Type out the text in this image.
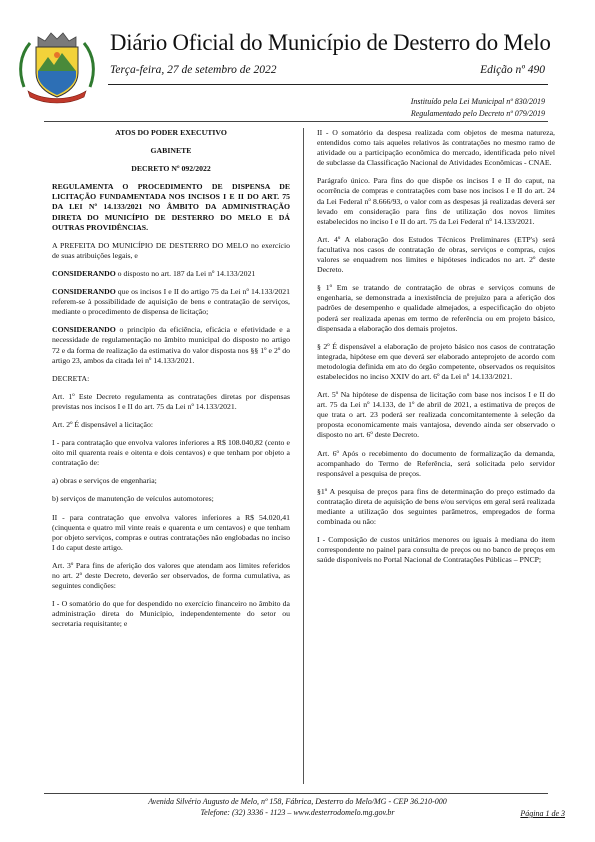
Diário Oficial do Município de Desterro do Melo
Terça-feira, 27 de setembro de 2022	Edição nº 490
Instituído pela Lei Municipal nº 830/2019
Regulamentado pelo Decreto nº 079/2019

ATOS DO PODER EXECUTIVO

GABINETE

DECRETO Nº 092/2022

REGULAMENTA O PROCEDIMENTO DE DISPENSA DE LICITAÇÃO FUNDAMENTADA NOS INCISOS I E II DO ART. 75 DA LEI Nº 14.133/2021 NO ÂMBITO DA ADMINISTRAÇÃO DIRETA DO MUNICÍPIO DE DESTERRO DO MELO E DÁ OUTRAS PROVIDÊNCIAS.

A PREFEITA DO MUNICÍPIO DE DESTERRO DO MELO no exercício de suas atribuições legais, e

CONSIDERANDO o disposto no art. 187 da Lei nº 14.133/2021

CONSIDERANDO que os incisos I e II do artigo 75 da Lei nº 14.133/2021 referem-se à possibilidade de aquisição de bens e contratação de serviços, mediante o procedimento de dispensa de licitação;

CONSIDERANDO o princípio da eficiência, eficácia e efetividade e a necessidade de regulamentação no âmbito municipal do disposto no artigo 72 e da forma de realização da estimativa do valor disposta nos §§ 1º e 2º do artigo 23, ambos da citada lei nº 14.133/2021.

DECRETA:

Art. 1º Este Decreto regulamenta as contratações diretas por dispensas previstas nos incisos I e II do art. 75 da Lei nº 14.133/2021.

Art. 2º É dispensável a licitação:

I - para contratação que envolva valores inferiores a R$ 108.040,82 (cento e oito mil quarenta reais e oitenta e dois centavos) e que tenham por objeto a contratação de:

a) obras e serviços de engenharia;

b) serviços de manutenção de veículos automotores;

II - para contratação que envolva valores inferiores a R$ 54.020,41 (cinquenta e quatro mil vinte reais e quarenta e um centavos) e que tenham por objeto serviços, compras e outras contratações não englobadas no inciso I do caput deste artigo.

Art. 3º Para fins de aferição dos valores que atendam aos limites referidos no art. 2º deste Decreto, deverão ser observados, de forma cumulativa, as seguintes condições:

I - O somatório do que for despendido no exercício financeiro no âmbito da administração direta do Município, independentemente do setor ou secretaria requisitante; e

II - O somatório da despesa realizada com objetos de mesma natureza, entendidos como tais aqueles relativos às contratações no mesmo ramo de atividade ou a participação econômica do mercado, identificada pelo nível de subclasse da Classificação Nacional de Atividades Econômicas - CNAE.

Parágrafo único. Para fins do que dispõe os incisos I e II do caput, na ocorrência de compras e contratações com base nos incisos I e II do art. 24 da Lei Federal nº 8.666/93, o valor com as despesas já realizadas deverá ser levado em consideração para fins de utilização dos novos limites estabelecidos no inciso I e II do art. 75 da Lei Federal nº 14.133/2021.

Art. 4º A elaboração dos Estudos Técnicos Preliminares (ETP's) será facultativa nos casos de contratação de obras, serviços e compras, cujos valores se enquadrem nos limites e hipóteses indicados no art. 2º deste Decreto.

§ 1º Em se tratando de contratação de obras e serviços comuns de engenharia, se demonstrada a inexistência de prejuízo para a aferição dos padrões de desempenho e qualidade almejados, a especificação do objeto poderá ser realizada apenas em termo de referência ou em projeto básico, dispensada a elaboração dos demais projetos.

§ 2º É dispensável a elaboração de projeto básico nos casos de contratação integrada, hipótese em que deverá ser elaborado anteprojeto de acordo com metodologia definida em ato do órgão competente, observados os requisitos estabelecidos no inciso XXIV do art. 6º da Lei nº 14.133/2021.

Art. 5º Na hipótese de dispensa de licitação com base nos incisos I e II do art. 75 da Lei nº 14.133, de 1º de abril de 2021, a estimativa de preços de que trata o art. 23 poderá ser realizada concomitantemente à seleção da proposta economicamente mais vantajosa, devendo ainda ser observado o disposto no art. 6º deste Decreto.

Art. 6º Após o recebimento do documento de formalização da demanda, acompanhado do Termo de Referência, será solicitada pelo servidor responsável a pesquisa de preços.

§1º A pesquisa de preços para fins de determinação do preço estimado da contratação direta de aquisição de bens e/ou serviços em geral será realizada mediante a utilização dos seguintes parâmetros, empregados de forma combinada ou não:

I - Composição de custos unitários menores ou iguais à mediana do item correspondente no painel para consulta de preços ou no banco de preços em saúde disponíveis no Portal Nacional de Contratações Públicas – PNCP;

Avenida Silvério Augusto de Melo, nº 158, Fábrica, Desterro do Melo/MG - CEP 36.210-000
Telefone: (32) 3336 - 1123 – www.desterrodomelo.mg.gov.br	Página 1 de 3
